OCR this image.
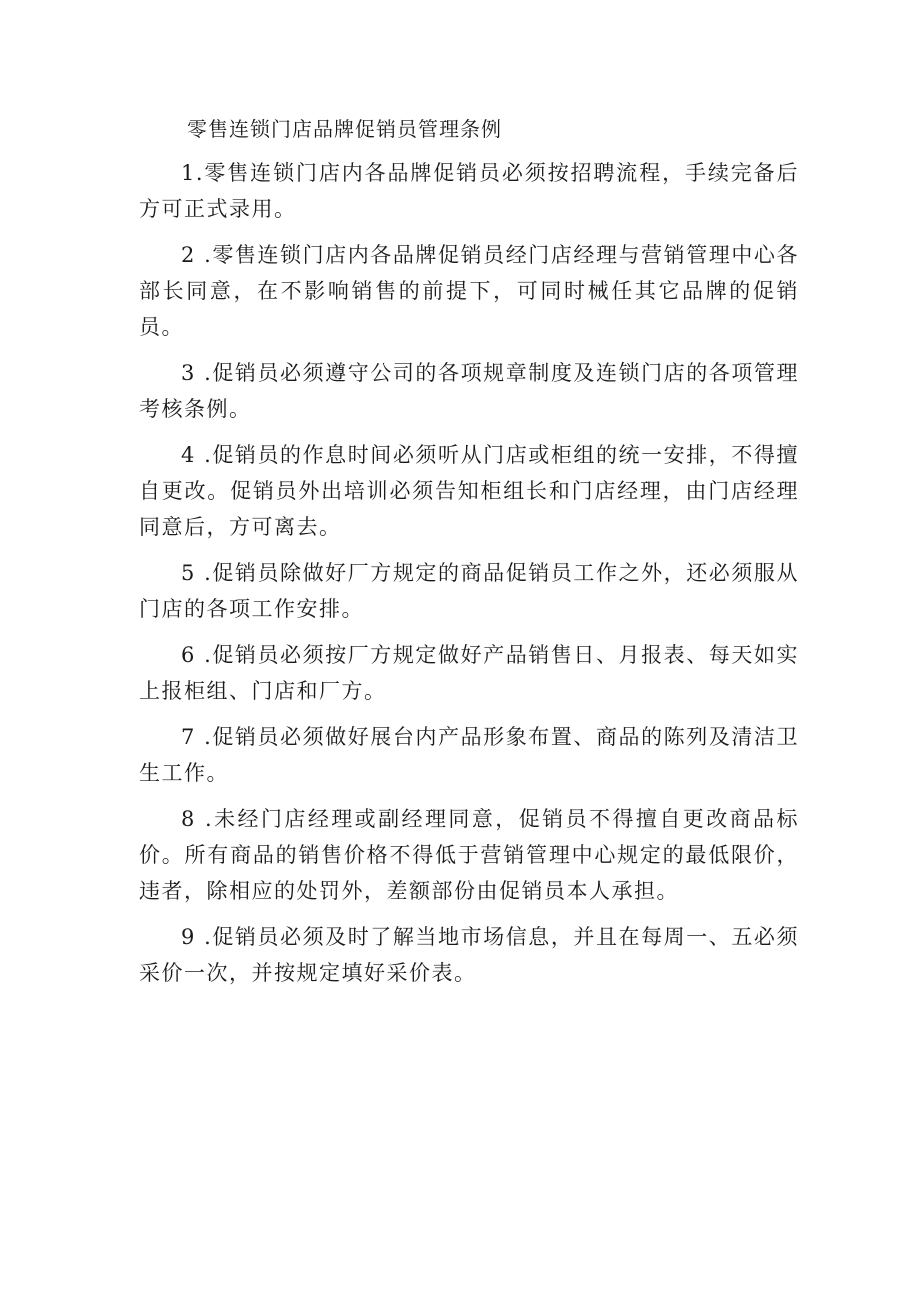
零售连锁门店品牌促销员管理条例

1.零售连锁门店内各品牌促销员必须按招聘流程，手续完备后方可正式录用。

2 .零售连锁门店内各品牌促销员经门店经理与营销管理中心各部长同意，在不影响销售的前提下，可同时械任其它品牌的促销员。

3 .促销员必须遵守公司的各项规章制度及连锁门店的各项管理考核条例。

4 .促销员的作息时间必须听从门店或柜组的统一安排，不得擅自更改。促销员外出培训必须告知柜组长和门店经理，由门店经理同意后，方可离去。

5 .促销员除做好厂方规定的商品促销员工作之外，还必须服从门店的各项工作安排。

6 .促销员必须按厂方规定做好产品销售日、月报表、每天如实上报柜组、门店和厂方。

7 .促销员必须做好展台内产品形象布置、商品的陈列及清洁卫生工作。

8 .未经门店经理或副经理同意，促销员不得擅自更改商品标价。所有商品的销售价格不得低于营销管理中心规定的最低限价，违者，除相应的处罚外，差额部份由促销员本人承担。

9 .促销员必须及时了解当地市场信息，并且在每周一、五必须采价一次，并按规定填好采价表。
